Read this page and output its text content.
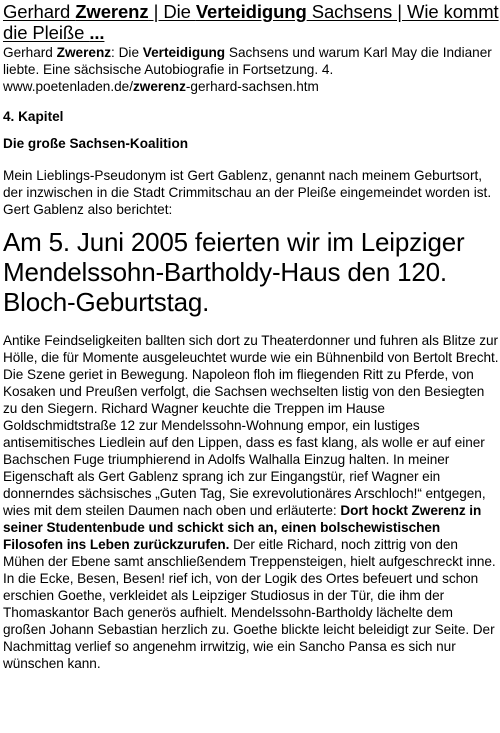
Gerhard Zwerenz | Die Verteidigung Sachsens | Wie kommt die Pleiße ...
Gerhard Zwerenz: Die Verteidigung Sachsens und warum Karl May die Indianer liebte. Eine sächsische Autobiografie in Fortsetzung. 4.
www.poetenladen.de/zwerenz-gerhard-sachsen.htm
4. Kapitel
Die große Sachsen-Koalition

Mein Lieblings-Pseudonym ist Gert Gablenz, genannt nach meinem Geburtsort, der inzwischen in die Stadt Crimmitschau an der Pleiße eingemeindet worden ist. Gert Gablenz also berichtet:

Am 5. Juni 2005 feierten wir im Leipziger Mendelssohn-Bartholdy-Haus den 120. Bloch-Geburtstag.

Antike Feindseligkeiten ballten sich dort zu Theaterdonner und fuhren als Blitze zur Hölle, die für Momente ausgeleuchtet wurde wie ein Bühnenbild von Bertolt Brecht. Die Szene geriet in Bewegung. Napoleon floh im fliegenden Ritt zu Pferde, von Kosaken und Preußen verfolgt, die Sachsen wechselten listig von den Besiegten zu den Siegern. Richard Wagner keuchte die Treppen im Hause Goldschmidtstraße 12 zur Mendelssohn-Wohnung empor, ein lustiges antisemitisches Liedlein auf den Lippen, dass es fast klang, als wolle er auf einer Bachschen Fuge triumphierend in Adolfs Walhalla Einzug halten. In meiner Eigenschaft als Gert Gablenz sprang ich zur Eingangstür, rief Wagner ein donnerndes sächsisches „Guten Tag, Sie exrevolutionäres Arschloch!“ entgegen, wies mit dem steilen Daumen nach oben und erläuterte: Dort hockt Zwerenz in seiner Studentenbude und schickt sich an, einen bolschewistischen Filosofen ins Leben zurückzurufen. Der eitle Richard, noch zittrig von den Mühen der Ebene samt anschließendem Treppensteigen, hielt aufgeschreckt inne. In die Ecke, Besen, Besen! rief ich, von der Logik des Ortes befeuert und schon erschien Goethe, verkleidet als Leipziger Studiosus in der Tür, die ihm der Thomaskantor Bach generös aufhielt. Mendelssohn-Bartholdy lächelte dem großen Johann Sebastian herzlich zu. Goethe blickte leicht beleidigt zur Seite. Der Nachmittag verlief so angenehm irrwitzig, wie ein Sancho Pansa es sich nur wünschen kann.
